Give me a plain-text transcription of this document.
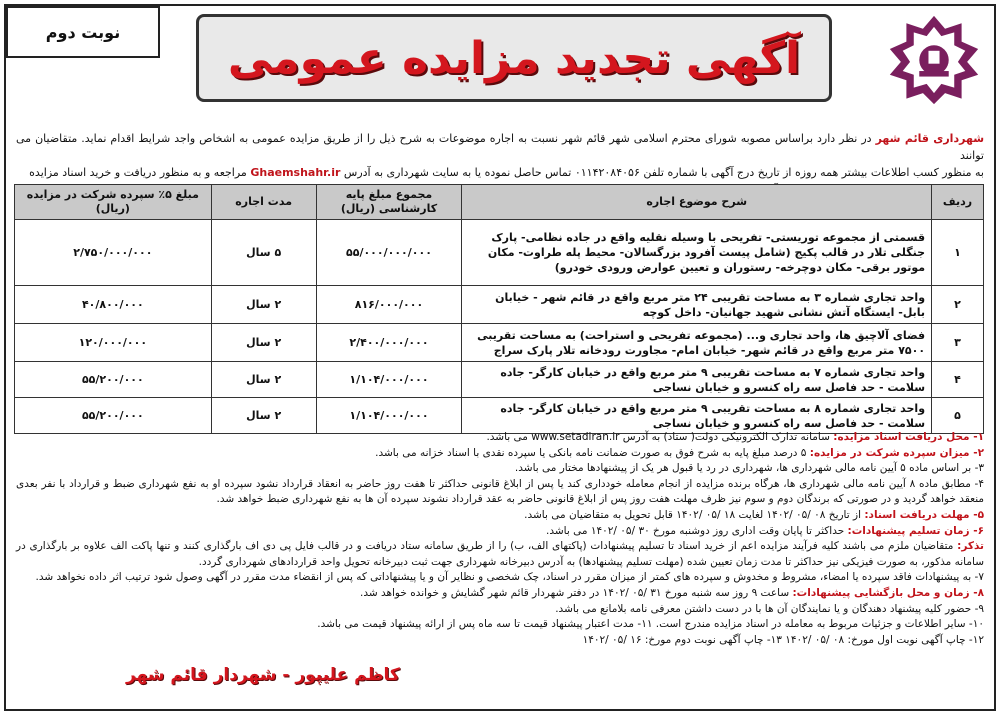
نوبت دوم
آگهی تجدید مزایده عمومی
شهرداری قائم شهر در نظر دارد براساس مصوبه شورای محترم اسلامی شهر قائم شهر نسبت به اجاره موضوعات به شرح ذیل را از طریق مزایده عمومی به اشخاص واجد شرایط اقدام نماید. متقاضیان می توانند
به منظور کسب اطلاعات بیشتر همه روزه از تاریخ درج آگهی با شماره تلفن ۰۱۱۴۲۰۸۴۰۵۶ تماس حاصل نموده یا به سایت شهرداری به آدرس Ghaemshahr.ir مراجعه و به منظور دریافت و خرید اسناد مزایده

ردیف	شرح موضوع اجاره	مجموع مبلغ پایه کارشناسی (ریال)	مدت اجاره	مبلغ ۵٪ سپرده شرکت در مزایده (ریال)
۱	قسمتی از مجموعه توریستی- تفریحی با وسیله نقلیه واقع در جاده نظامی- پارک جنگلی تلار در قالب پکیج (شامل پیست آفرود بزرگسالان- محیط پله طراوت- مکان موتور برقی- مکان دوچرخه- رستوران و تعیین عوارض ورودی خودرو)	۵۵/۰۰۰/۰۰۰/۰۰۰	۵ سال	۲/۷۵۰/۰۰۰/۰۰۰
۲	واحد تجاری شماره ۳ به مساحت تقریبی ۲۴ متر مربع واقع در قائم شهر - خیابان بابل- ایستگاه آتش نشانی شهید جهانیان- داخل کوچه	۸۱۶/۰۰۰/۰۰۰	۲ سال	۴۰/۸۰۰/۰۰۰
۳	فضای آلاچیق ها، واحد تجاری و... (مجموعه تفریحی و استراحت) به مساحت تقریبی ۷۵۰۰ متر مربع واقع در قائم شهر- خیابان امام- مجاورت رودخانه تلار پارک سراج	۲/۴۰۰/۰۰۰/۰۰۰	۲ سال	۱۲۰/۰۰۰/۰۰۰
۴	واحد تجاری شماره ۷ به مساحت تقریبی ۹ متر مربع واقع در خیابان کارگر- جاده سلامت - حد فاصل سه راه کنسرو و خیابان نساجی	۱/۱۰۴/۰۰۰/۰۰۰	۲ سال	۵۵/۲۰۰/۰۰۰
۵	واحد تجاری شماره ۸ به مساحت تقریبی ۹ متر مربع واقع در خیابان کارگر- جاده سلامت - حد فاصل سه راه کنسرو و خیابان نساجی	۱/۱۰۴/۰۰۰/۰۰۰	۲ سال	۵۵/۲۰۰/۰۰۰

۱- محل دریافت اسناد مزایده: سامانه تدارک الکترونیکی دولت( ستاد) به آدرس www.setadiran.ir می باشد.

۲- میزان سپرده شرکت در مزایده: ۵ درصد مبلغ پایه به شرح فوق به صورت ضمانت نامه بانکی یا سپرده نقدی با اسناد خزانه می باشد.

۳- بر اساس ماده ۵ آیین نامه مالی شهرداری ها، شهرداری در رد یا قبول هر یک از پیشنهادها مختار می باشد.

۴- مطابق ماده ۸ آیین نامه مالی شهرداری ها، هرگاه برنده مزایده از انجام معامله خودداری کند یا پس از ابلاغ قانونی حداکثر تا هفت روز حاضر به انعقاد قرارداد نشود سپرده او به نفع شهرداری ضبط و قرارداد با نفر بعدی منعقد خواهد گردید و در صورتی که برندگان دوم و سوم نیز ظرف مهلت هفت روز پس از ابلاغ قانونی حاضر به عقد قرارداد نشوند سپرده آن ها به نفع شهرداری ضبط خواهد شد.

۵- مهلت دریافت اسناد: از تاریخ ۰۸ /۰۵ /۱۴۰۲ لغایت ۱۸ /۰۵ /۱۴۰۲ قابل تحویل به متقاضیان می باشد.

۶- زمان تسلیم پیشنهادات: حداکثر تا پایان وقت اداری روز دوشنبه مورخ ۳۰ /۰۵ /۱۴۰۲ می باشد.

تذکر: متقاضیان ملزم می باشند کلیه فرآیند مزایده اعم از خرید اسناد تا تسلیم پیشنهادات (پاکتهای الف، ب) را از طریق سامانه ستاد دریافت و در قالب فایل پی دی اف بارگذاری کنند و تنها پاکت الف علاوه بر بارگذاری در سامانه مذکور، به صورت فیزیکی نیز حداکثر تا مدت زمان تعیین شده (مهلت تسلیم پیشنهادها) به آدرس دبیرخانه شهرداری جهت ثبت دبیرخانه تحویل واحد قراردادهای شهرداری گردد.

۷- به پیشنهادات فاقد سپرده یا امضاء، مشروط و مخدوش و سپرده های کمتر از میزان مقرر در اسناد، چک شخصی و نظایر آن و یا پیشنهاداتی که پس از انقضاء مدت مقرر در آگهی وصول شود ترتیب اثر داده نخواهد شد.

۸- زمان و محل بازگشایی پیشنهادات: ساعت ۹ روز سه شنبه مورخ ۳۱ /۰۵ /۱۴۰۲ در دفتر شهردار قائم شهر گشایش و خوانده خواهد شد.

۹- حضور کلیه پیشنهاد دهندگان و یا نمایندگان آن ها با در دست داشتن معرفی نامه بلامانع می باشد.

۱۰- سایر اطلاعات و جزئیات مربوط به معامله در اسناد مزایده مندرج است. ۱۱- مدت اعتبار پیشنهاد قیمت تا سه ماه پس از ارائه پیشنهاد قیمت می باشد.

۱۲- چاپ آگهی نوبت اول مورخ: ۰۸ /۰۵ /۱۴۰۲ ۱۳- چاپ آگهی نوبت دوم مورخ: ۱۶ /۰۵ /۱۴۰۲

کاظم علیپور - شهردار قائم شهر
